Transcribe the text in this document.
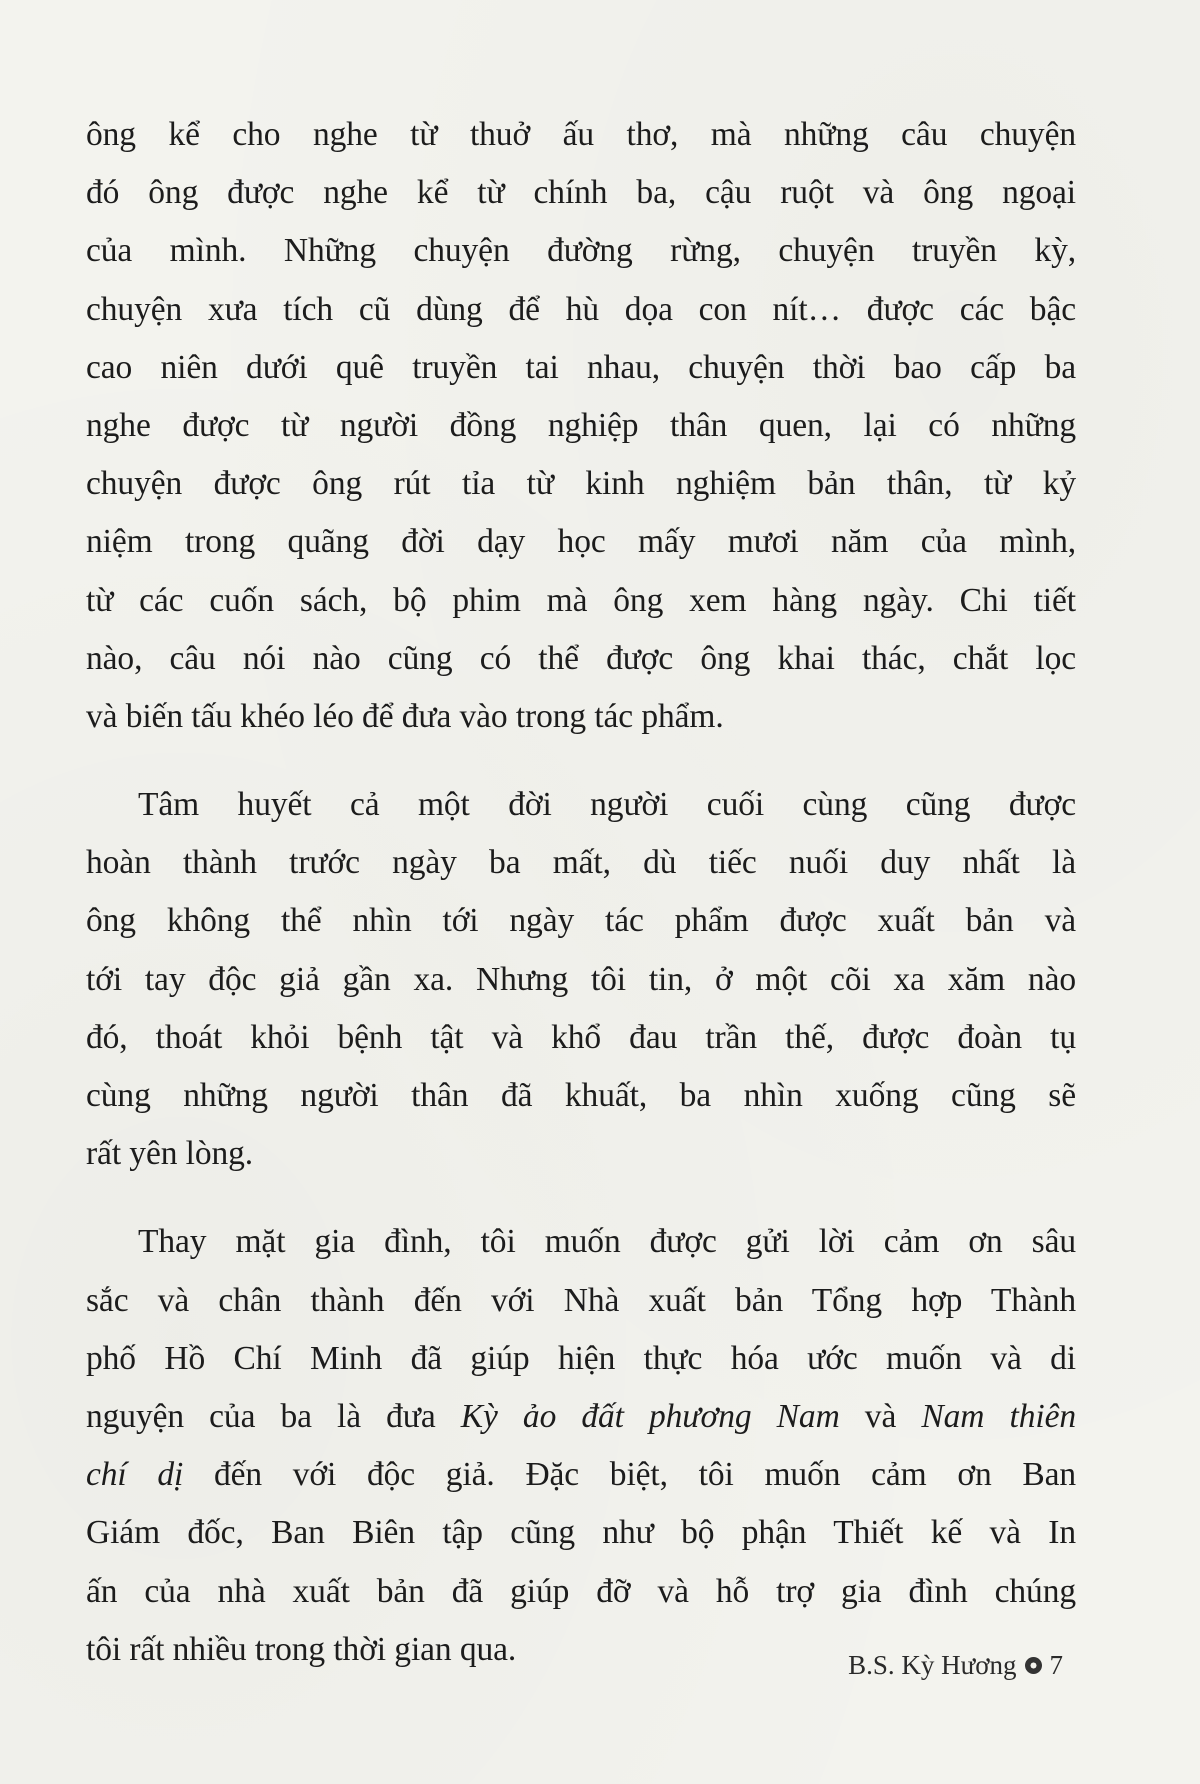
ông kể cho nghe từ thuở ấu thơ, mà những câu chuyện
đó ông được nghe kể từ chính ba, cậu ruột và ông ngoại
của mình. Những chuyện đường rừng, chuyện truyền kỳ,
chuyện xưa tích cũ dùng để hù dọa con nít… được các bậc
cao niên dưới quê truyền tai nhau, chuyện thời bao cấp ba
nghe được từ người đồng nghiệp thân quen, lại có những
chuyện được ông rút tỉa từ kinh nghiệm bản thân, từ kỷ
niệm trong quãng đời dạy học mấy mươi năm của mình,
từ các cuốn sách, bộ phim mà ông xem hàng ngày. Chi tiết
nào, câu nói nào cũng có thể được ông khai thác, chắt lọc
và biến tấu khéo léo để đưa vào trong tác phẩm.
Tâm huyết cả một đời người cuối cùng cũng được
hoàn thành trước ngày ba mất, dù tiếc nuối duy nhất là
ông không thể nhìn tới ngày tác phẩm được xuất bản và
tới tay độc giả gần xa. Nhưng tôi tin, ở một cõi xa xăm nào
đó, thoát khỏi bệnh tật và khổ đau trần thế, được đoàn tụ
cùng những người thân đã khuất, ba nhìn xuống cũng sẽ
rất yên lòng.
Thay mặt gia đình, tôi muốn được gửi lời cảm ơn sâu
sắc và chân thành đến với Nhà xuất bản Tổng hợp Thành
phố Hồ Chí Minh đã giúp hiện thực hóa ước muốn và di
nguyện của ba là đưa Kỳ ảo đất phương Nam và Nam thiên
chí dị đến với độc giả. Đặc biệt, tôi muốn cảm ơn Ban
Giám đốc, Ban Biên tập cũng như bộ phận Thiết kế và In
ấn của nhà xuất bản đã giúp đỡ và hỗ trợ gia đình chúng
tôi rất nhiều trong thời gian qua.	B.S. Kỳ Hương 7
